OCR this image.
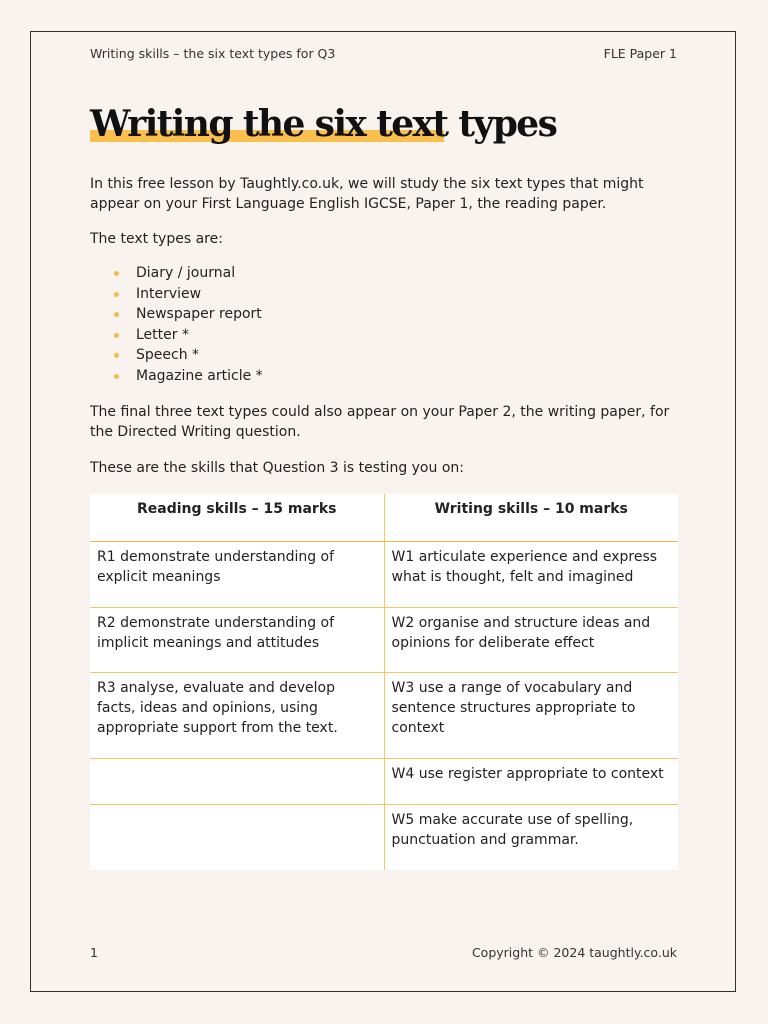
Writing skills – the six text types for Q3	FLE Paper 1
Writing the six text types

In this free lesson by Taughtly.co.uk, we will study the six text types that might appear on your First Language English IGCSE, Paper 1, the reading paper.

The text types are:

Diary / journal
Interview
Newspaper report
Letter *
Speech *
Magazine article *

The final three text types could also appear on your Paper 2, the writing paper, for the Directed Writing question.

These are the skills that Question 3 is testing you on:

Reading skills – 15 marks	Writing skills – 10 marks
R1 demonstrate understanding of explicit meanings	W1 articulate experience and express what is thought, felt and imagined
R2 demonstrate understanding of implicit meanings and attitudes	W2 organise and structure ideas and opinions for deliberate effect
R3 analyse, evaluate and develop facts, ideas and opinions, using appropriate support from the text.	W3 use a range of vocabulary and sentence structures appropriate to context
	W4 use register appropriate to context
	W5 make accurate use of spelling, punctuation and grammar.
1	Copyright © 2024 taughtly.co.uk
